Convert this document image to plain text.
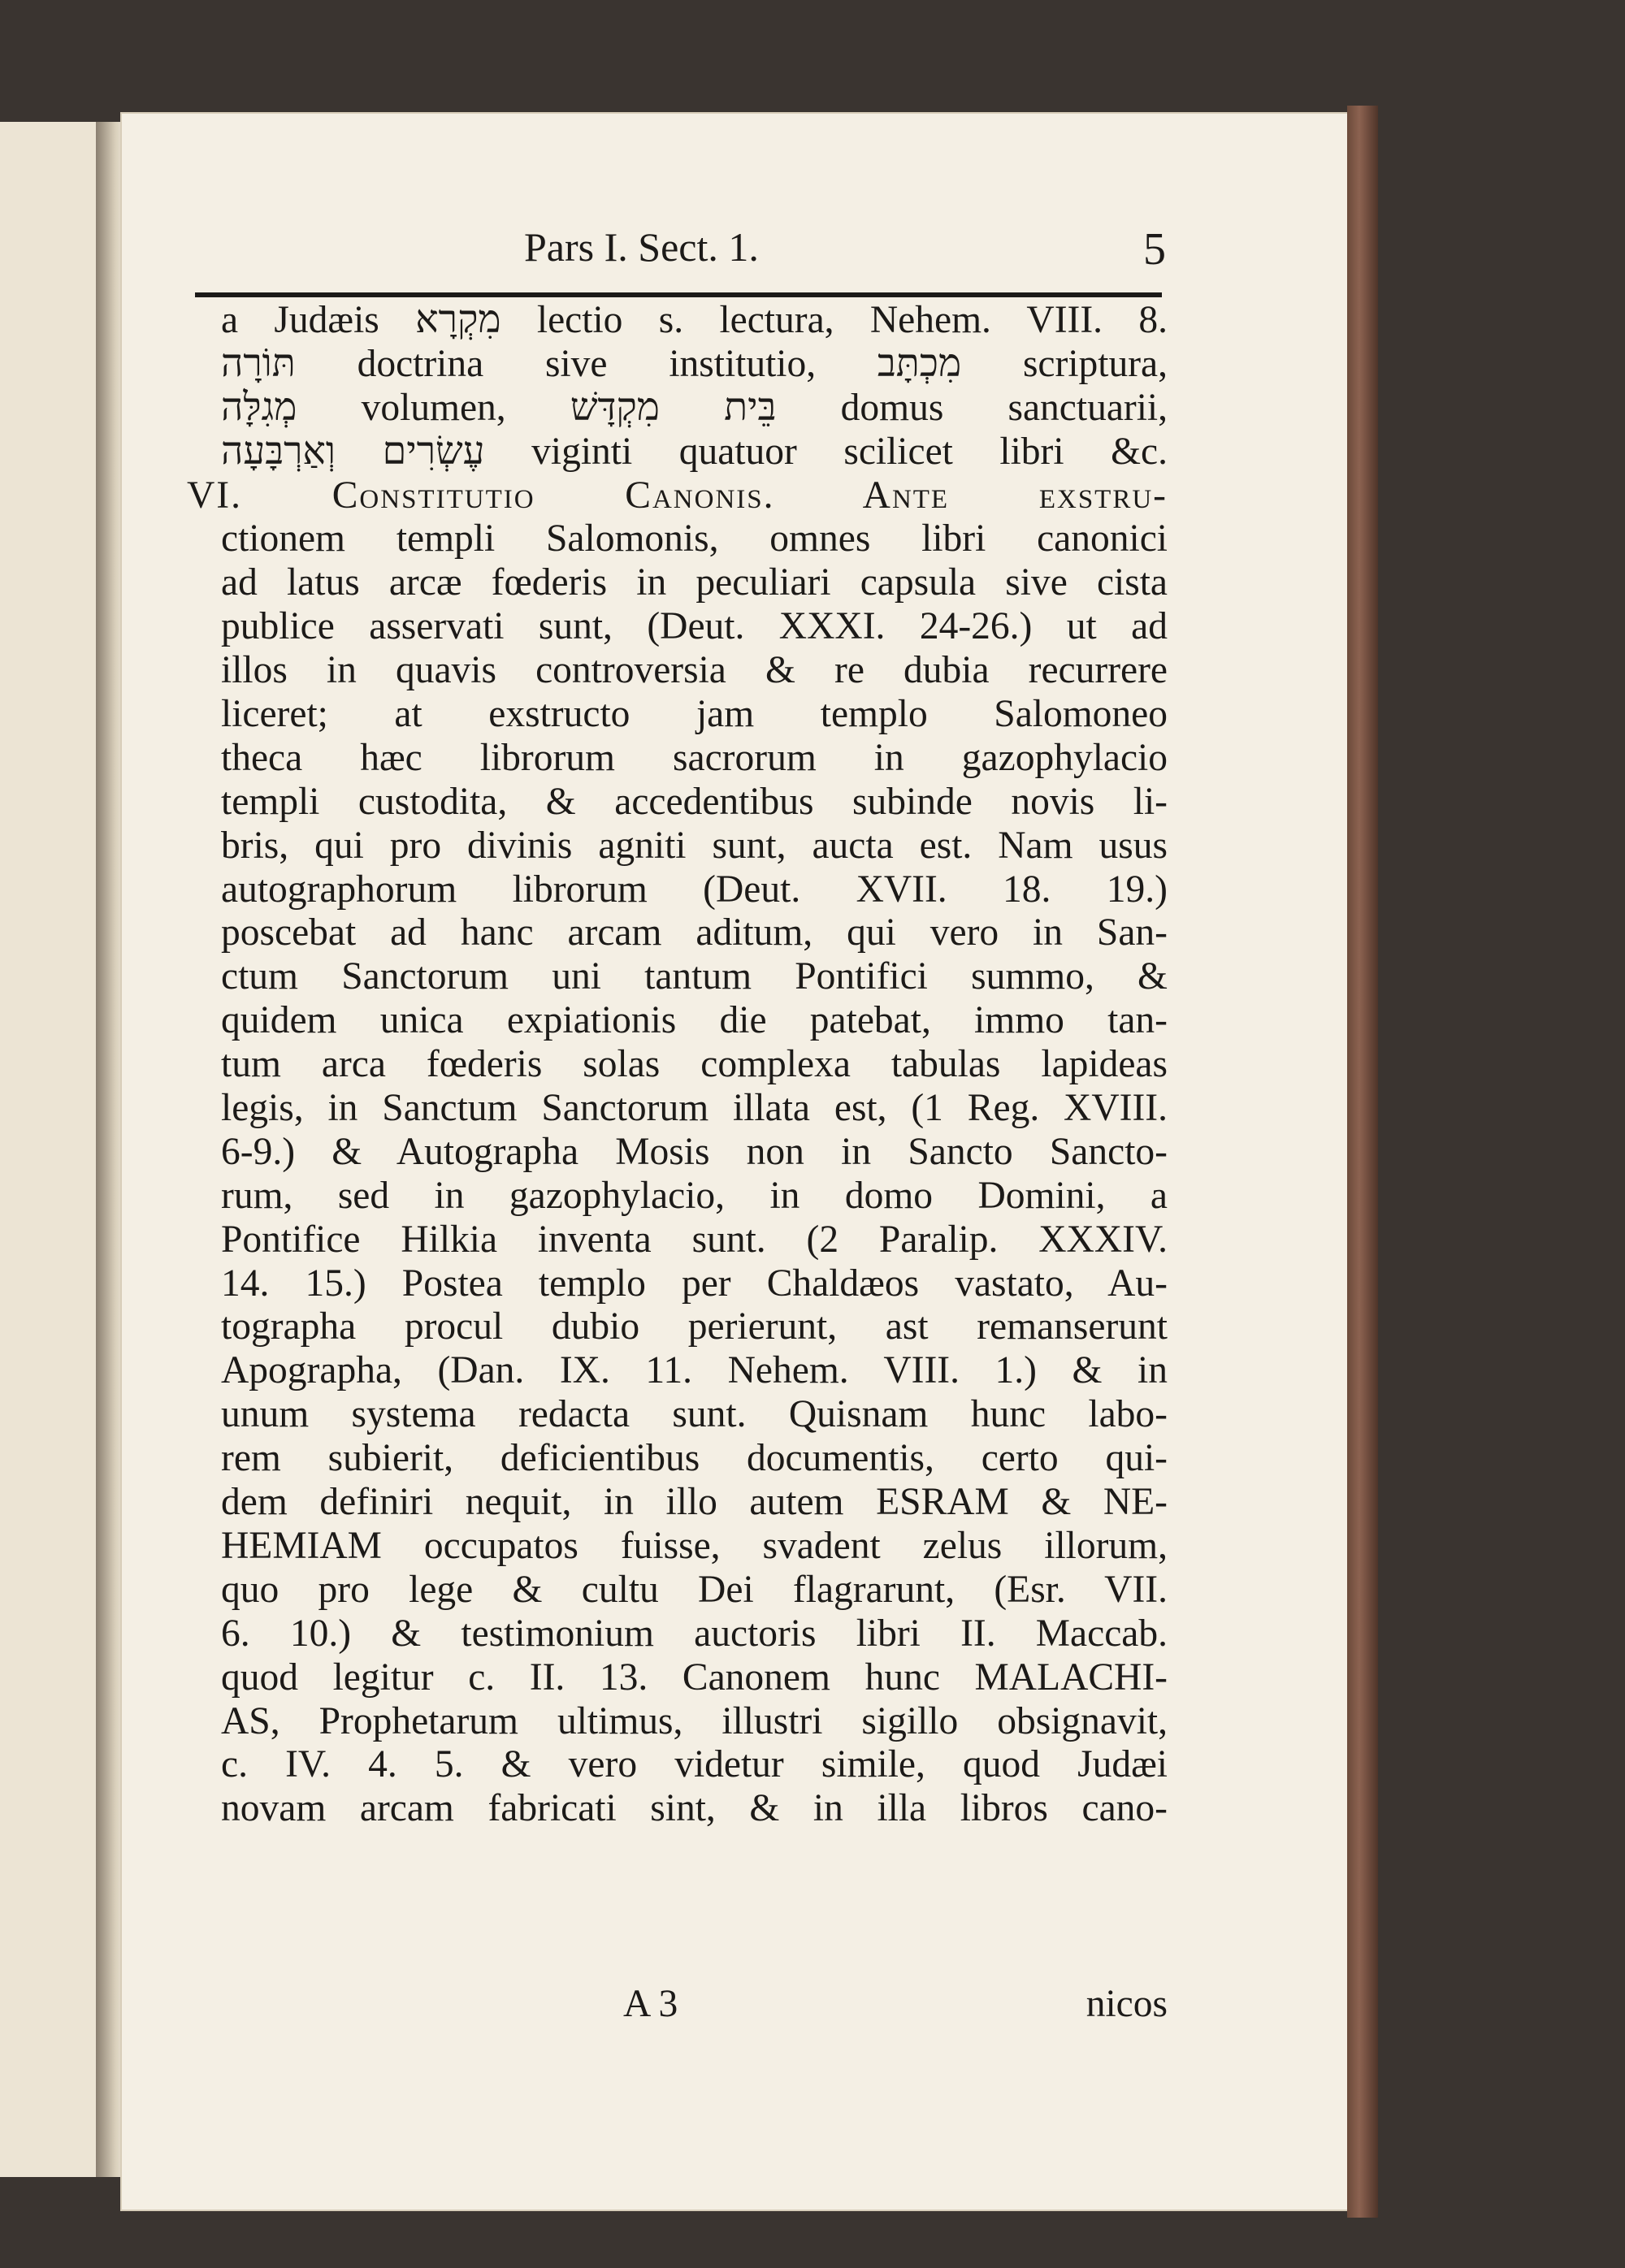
Pars I. Sect. 1.	5
a Judæis מִקְרָא lectio s. lectura, Nehem. VIII. 8.
תּוֹרָה doctrina sive institutio, מִכְתָּב scriptura,
מְגִלָּה volumen, בֵּית מִקְדָּשׁ domus sanctuarii,
עֶשְׂרִים וְאַרְבָּעָה viginti quatuor scilicet libri &c.
VI. Constitutio Canonis. Ante exstru-
ctionem templi Salomonis, omnes libri canonici
ad latus arcæ fœderis in peculiari capsula sive cista
publice asservati sunt, (Deut. XXXI. 24-26.) ut ad
illos in quavis controversia & re dubia recurrere
liceret; at exstructo jam templo Salomoneo
theca hæc librorum sacrorum in gazophylacio
templi custodita, & accedentibus subinde novis li-
bris, qui pro divinis agniti sunt, aucta est. Nam usus
autographorum librorum (Deut. XVII. 18. 19.)
poscebat ad hanc arcam aditum, qui vero in San-
ctum Sanctorum uni tantum Pontifici summo, &
quidem unica expiationis die patebat, immo tan-
tum arca fœderis solas complexa tabulas lapideas
legis, in Sanctum Sanctorum illata est, (1 Reg. XVIII.
6-9.) & Autographa Mosis non in Sancto Sancto-
rum, sed in gazophylacio, in domo Domini, a
Pontifice Hilkia inventa sunt. (2 Paralip. XXXIV.
14. 15.) Postea templo per Chaldæos vastato, Au-
tographa procul dubio perierunt, ast remanserunt
Apographa, (Dan. IX. 11. Nehem. VIII. 1.) & in
unum systema redacta sunt. Quisnam hunc labo-
rem subierit, deficientibus documentis, certo qui-
dem definiri nequit, in illo autem ESRAM & NE-
HEMIAM occupatos fuisse, svadent zelus illorum,
quo pro lege & cultu Dei flagrarunt, (Esr. VII.
6. 10.) & testimonium auctoris libri II. Maccab.
quod legitur c. II. 13. Canonem hunc MALACHI-
AS, Prophetarum ultimus, illustri sigillo obsignavit,
c. IV. 4. 5. & vero videtur simile, quod Judæi
novam arcam fabricati sint, & in illa libros cano-
A 3	nicos
